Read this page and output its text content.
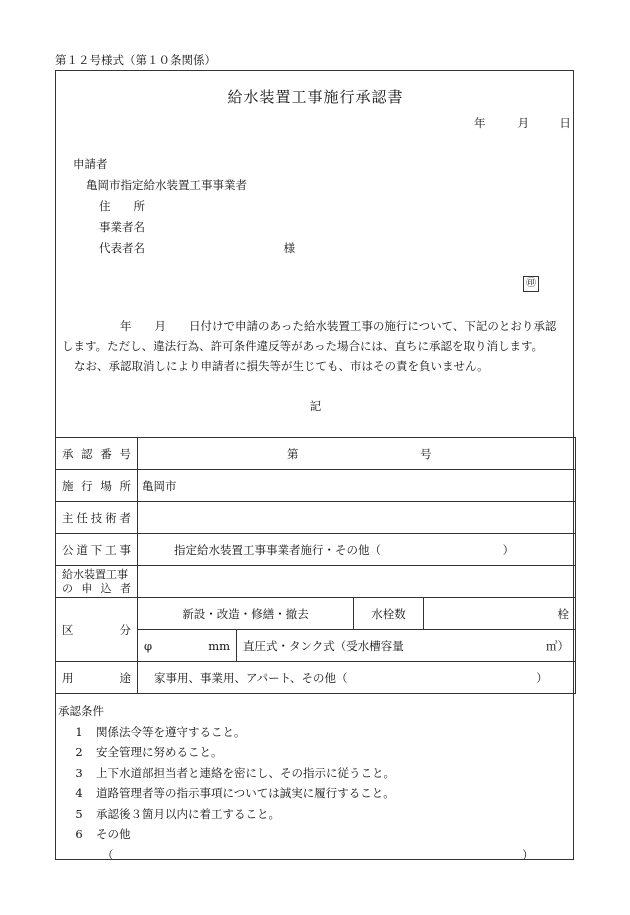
第１２号様式（第１０条関係）
給水装置工事施行承認書
年	月	日
申請者
亀岡市指定給水装置工事事業者
住　　所
事業者名
代表者名	様
㊞

年　　月　　日付けで申請のあった給水装置工事の施行について、下記のとおり承認

します。ただし、違法行為、許可条件違反等があった場合には、直ちに承認を取り消します。

なお、承認取消しにより申請者に損失等が生じても、市はその責を負いません。

記
承 認 番 号	第 号			

施 行 場 所	亀岡市			

主 任 技 術 者				

公 道 下 工 事	指定給水装置工事事業者施行・その他（ ）			

給水装置工事
の 申 込 者				

区 分	新設・改造・修繕・撤去		水栓数	栓

	φ mm	直圧式・タンク式（受水槽容量 ㎥）		

用 途	家事用、事業用、アパート、その他（ ）			
承認条件
1 関係法令等を遵守すること。
2 安全管理に努めること。
3 上下水道部担当者と連絡を密にし、その指示に従うこと。
4 道路管理者等の指示事項については誠実に履行すること。
5 承認後３箇月以内に着工すること。
6 その他
（	）
